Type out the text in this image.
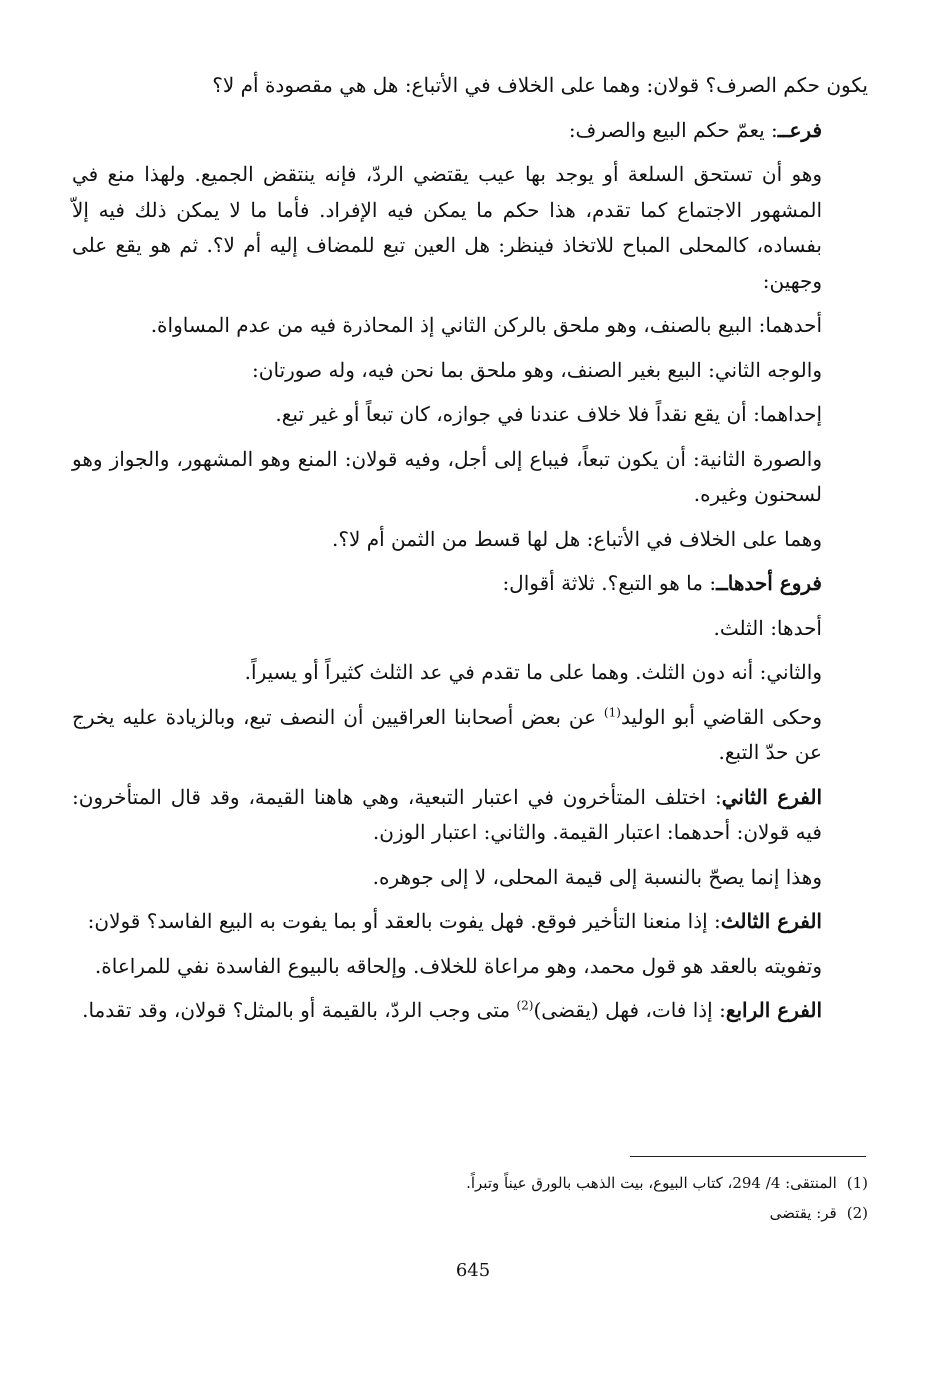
يكون حكم الصرف؟ قولان: وهما على الخلاف في الأتباع: هل هي مقصودة أم لا؟

فرع ــ: يعمّ حكم البيع والصرف:

وهو أن تستحق السلعة أو يوجد بها عيب يقتضي الردّ، فإنه ينتقض الجميع. ولهذا منع في المشهور الاجتماع كما تقدم، هذا حكم ما يمكن فيه الإفراد. فأما ما لا يمكن ذلك فيه إلاّ بفساده، كالمحلى المباح للاتخاذ فينظر: هل العين تبع للمضاف إليه أم لا؟. ثم هو يقع على وجهين:

أحدهما: البيع بالصنف، وهو ملحق بالركن الثاني إذ المحاذرة فيه من عدم المساواة.

والوجه الثاني: البيع بغير الصنف، وهو ملحق بما نحن فيه، وله صورتان:

إحداهما: أن يقع نقداً فلا خلاف عندنا في جوازه، كان تبعاً أو غير تبع.

والصورة الثانية: أن يكون تبعاً، فيباع إلى أجل، وفيه قولان: المنع وهو المشهور، والجواز وهو لسحنون وغيره.

وهما على الخلاف في الأتباع: هل لها قسط من الثمن أم لا؟.

فروع أحدها ــ: ما هو التبع؟. ثلاثة أقوال:

أحدها: الثلث.

والثاني: أنه دون الثلث. وهما على ما تقدم في عد الثلث كثيراً أو يسيراً.

وحكى القاضي أبو الوليد$^{(1)}$ عن بعض أصحابنا العراقيين أن النصف تبع، وبالزيادة عليه يخرج عن حدّ التبع.

الفرع الثاني: اختلف المتأخرون في اعتبار التبعية، وهي هاهنا القيمة، وقد قال المتأخرون: فيه قولان: أحدهما: اعتبار القيمة. والثاني: اعتبار الوزن.

وهذا إنما يصحّ بالنسبة إلى قيمة المحلى، لا إلى جوهره.

الفرع الثالث: إذا منعنا التأخير فوقع. فهل يفوت بالعقد أو بما يفوت به البيع الفاسد؟ قولان:

وتفويته بالعقد هو قول محمد، وهو مراعاة للخلاف. وإلحاقه بالبيوع الفاسدة نفي للمراعاة.

الفرع الرابع: إذا فات، فهل (يقضى)$^{(2)}$ متى وجب الردّ، بالقيمة أو بالمثل؟ قولان، وقد تقدما.

(1)المنتقى: 4/ 294، كتاب البيوع، بيت الذهب بالورق عيناً وتبراً.

(2)قر: يقتضى

645
